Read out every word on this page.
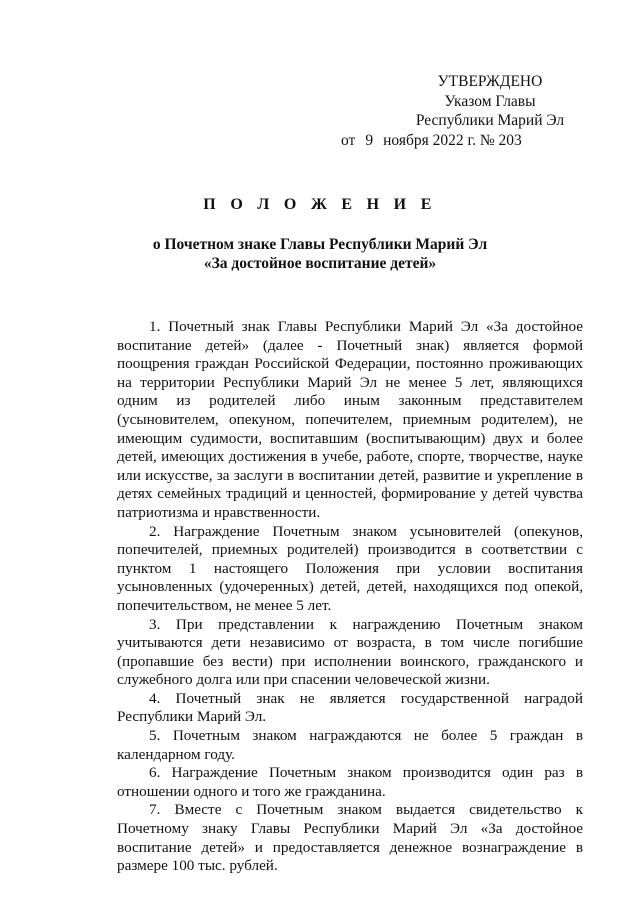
УТВЕРЖДЕНО
Указом Главы
Республики Марий Эл
от 9 ноября 2022 г. № 203
П О Л О Ж Е Н И Е
о Почетном знаке Главы Республики Марий Эл
«За достойное воспитание детей»

1. Почетный знак Главы Республики Марий Эл «За достойное воспитание детей» (далее - Почетный знак) является формой поощрения граждан Российской Федерации, постоянно проживающих на территории Республики Марий Эл не менее 5 лет, являющихся одним из родителей либо иным законным представителем (усыновителем, опекуном, попечителем, приемным родителем), не имеющим судимости, воспитавшим (воспитывающим) двух и более детей, имеющих достижения в учебе, работе, спорте, творчестве, науке или искусстве, за заслуги в воспитании детей, развитие и укрепление в детях семейных традиций и ценностей, формирование у детей чувства патриотизма и нравственности.

2. Награждение Почетным знаком усыновителей (опекунов, попечителей, приемных родителей) производится в соответствии с пунктом 1 настоящего Положения при условии воспитания усыновленных (удочеренных) детей, детей, находящихся под опекой, попечительством, не менее 5 лет.

3. При представлении к награждению Почетным знаком учитываются дети независимо от возраста, в том числе погибшие (пропавшие без вести) при исполнении воинского, гражданского и служебного долга или при спасении человеческой жизни.

4. Почетный знак не является государственной наградой Республики Марий Эл.

5. Почетным знаком награждаются не более 5 граждан в календарном году.

6. Награждение Почетным знаком производится один раз в отношении одного и того же гражданина.

7. Вместе с Почетным знаком выдается свидетельство к Почетному знаку Главы Республики Марий Эл «За достойное воспитание детей» и предоставляется денежное вознаграждение в размере 100 тыс. рублей.
